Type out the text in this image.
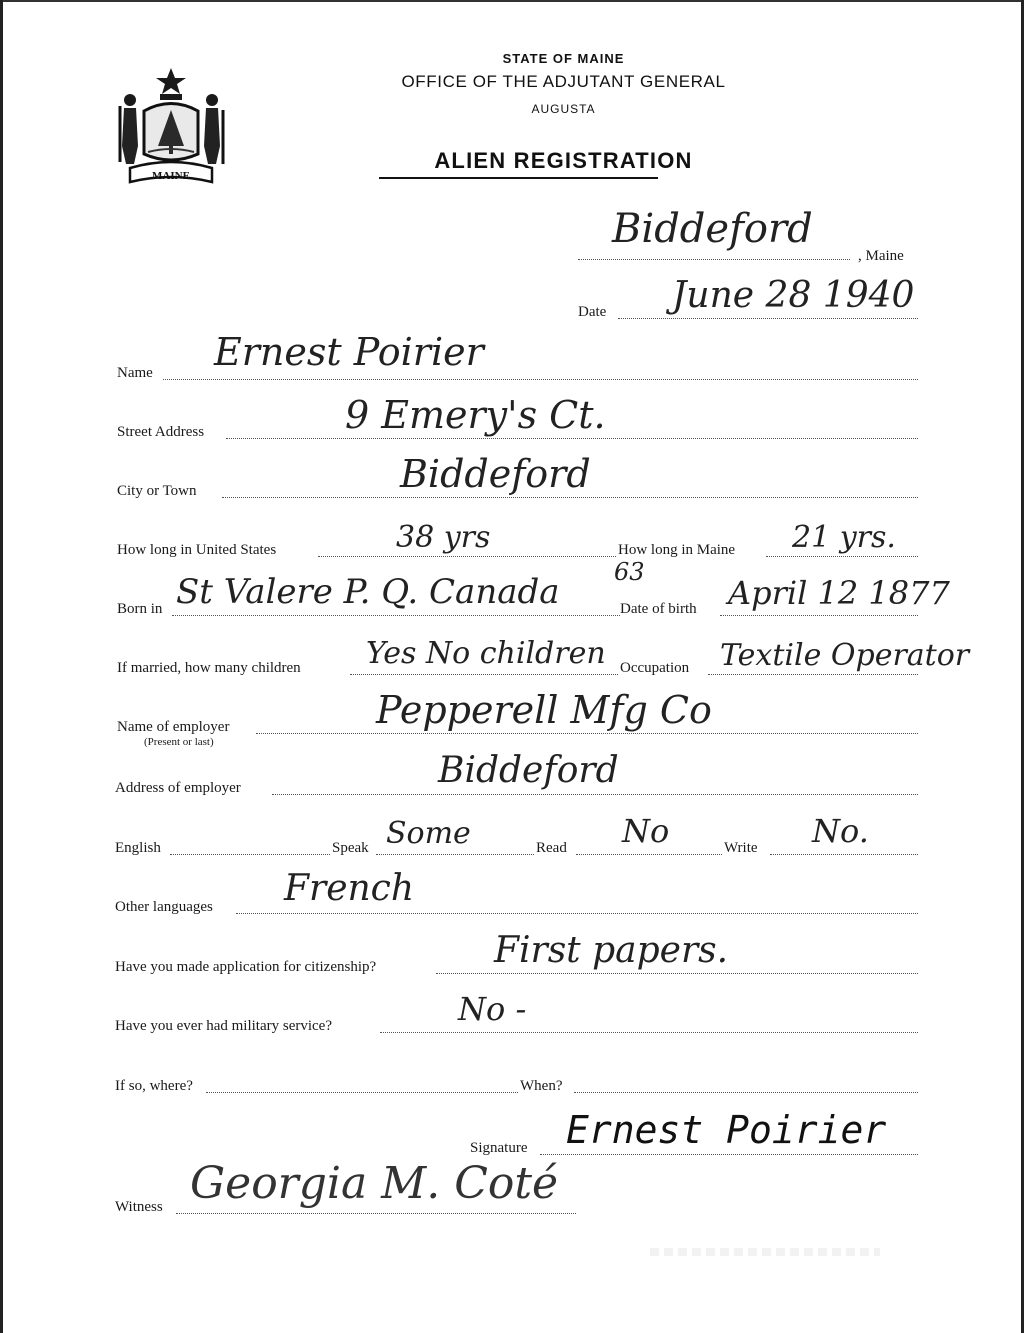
MAINE
STATE OF MAINE
OFFICE OF THE ADJUTANT GENERAL
AUGUSTA
ALIEN REGISTRATION
Biddeford
, Maine
Date June 28 1940
Name Ernest Poirier
Street Address	9 Emery's Ct.
City or Town	Biddeford
How long in United States	38 yrs	How long in Maine 21 yrs.
Born in St Valere P. Q. Canada 63
Date of birth April 12 1877
If married, how many children Yes No children Occupation Textile Operator
Name of employer
(Present or last)
Pepperell Mfg Co
Address of employer	Biddeford
English	Speak Some	Read No	Write No.
Other languages French
Have you made application for citizenship?	First papers.
Have you ever had military service?	No -
If so, where?	When?
Signature Ernest Poirier
Witness Georgia M. Coté
